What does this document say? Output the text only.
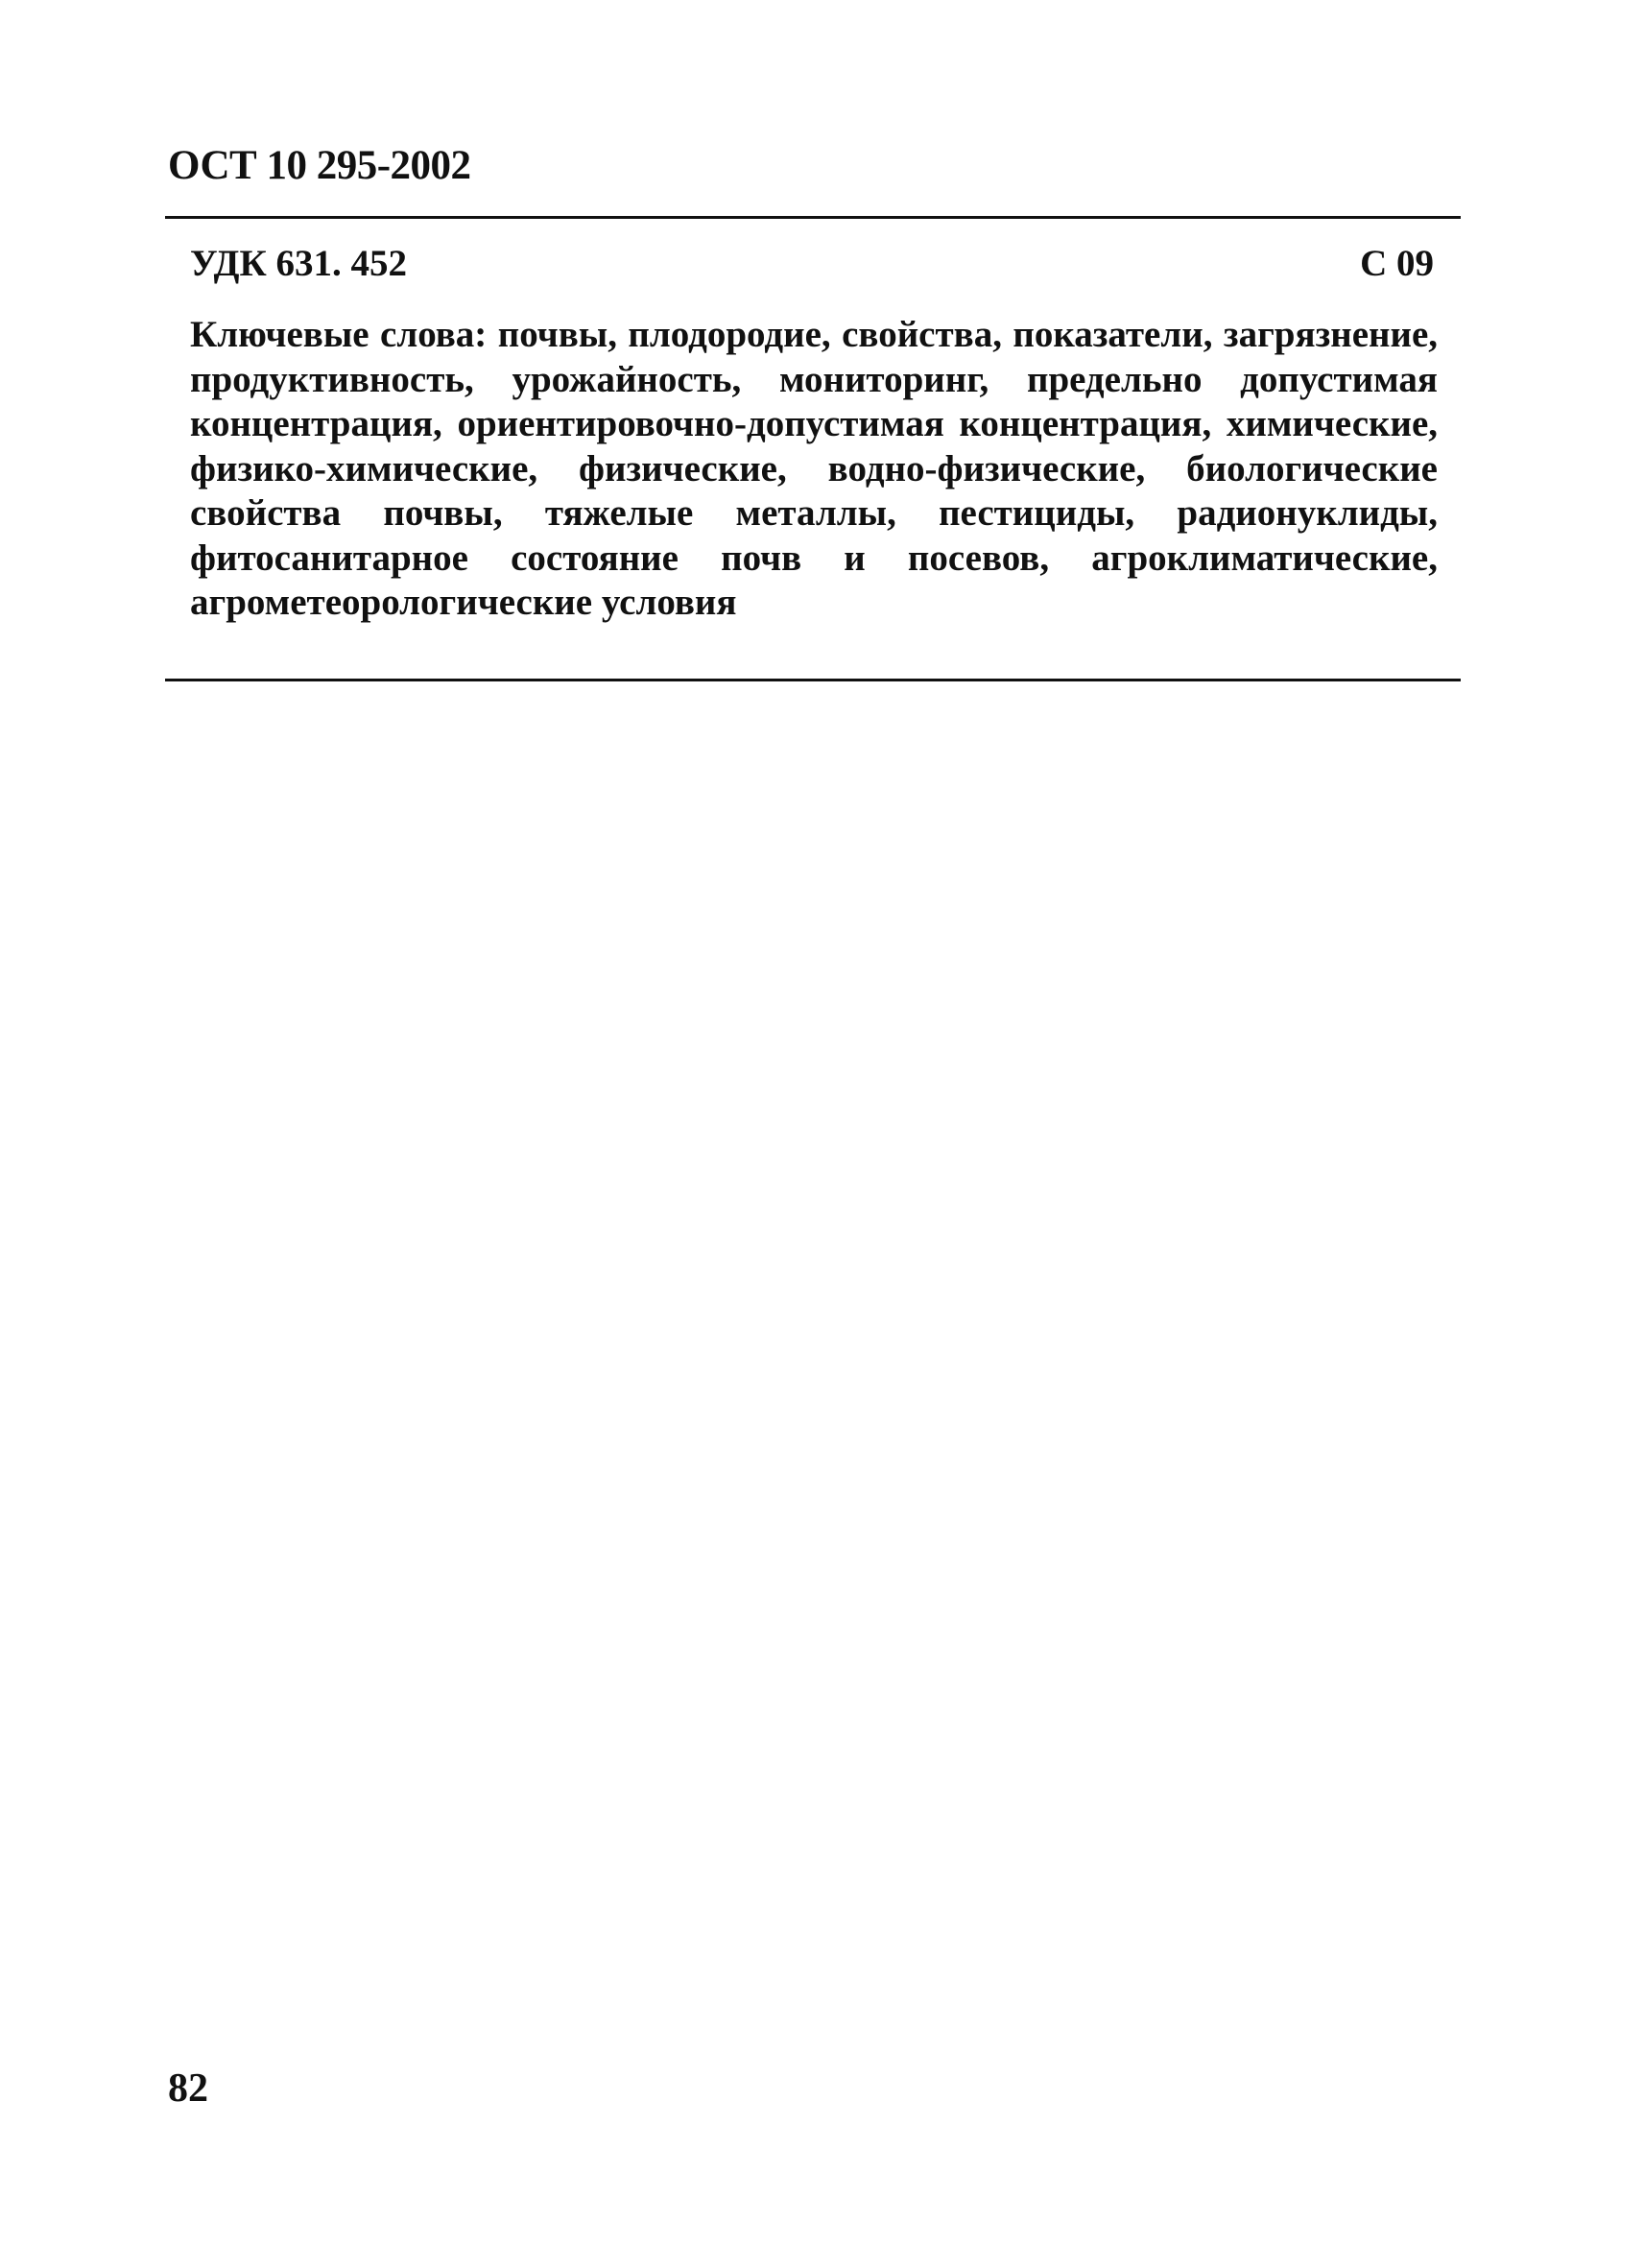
ОСТ 10 295-2002
УДК 631. 452	С 09
Ключевые слова: почвы, плодородие, свойства, показатели, загрязнение, продуктивность, урожайность, мониторинг, предельно допустимая концентрация, ориентировочно-допустимая концентрация, химические, физико-химические, физические, водно-физические, биологические свойства почвы, тяжелые металлы, пестициды, радионуклиды, фитосанитарное состояние почв и посевов, агроклиматические, агрометеорологические условия
82
